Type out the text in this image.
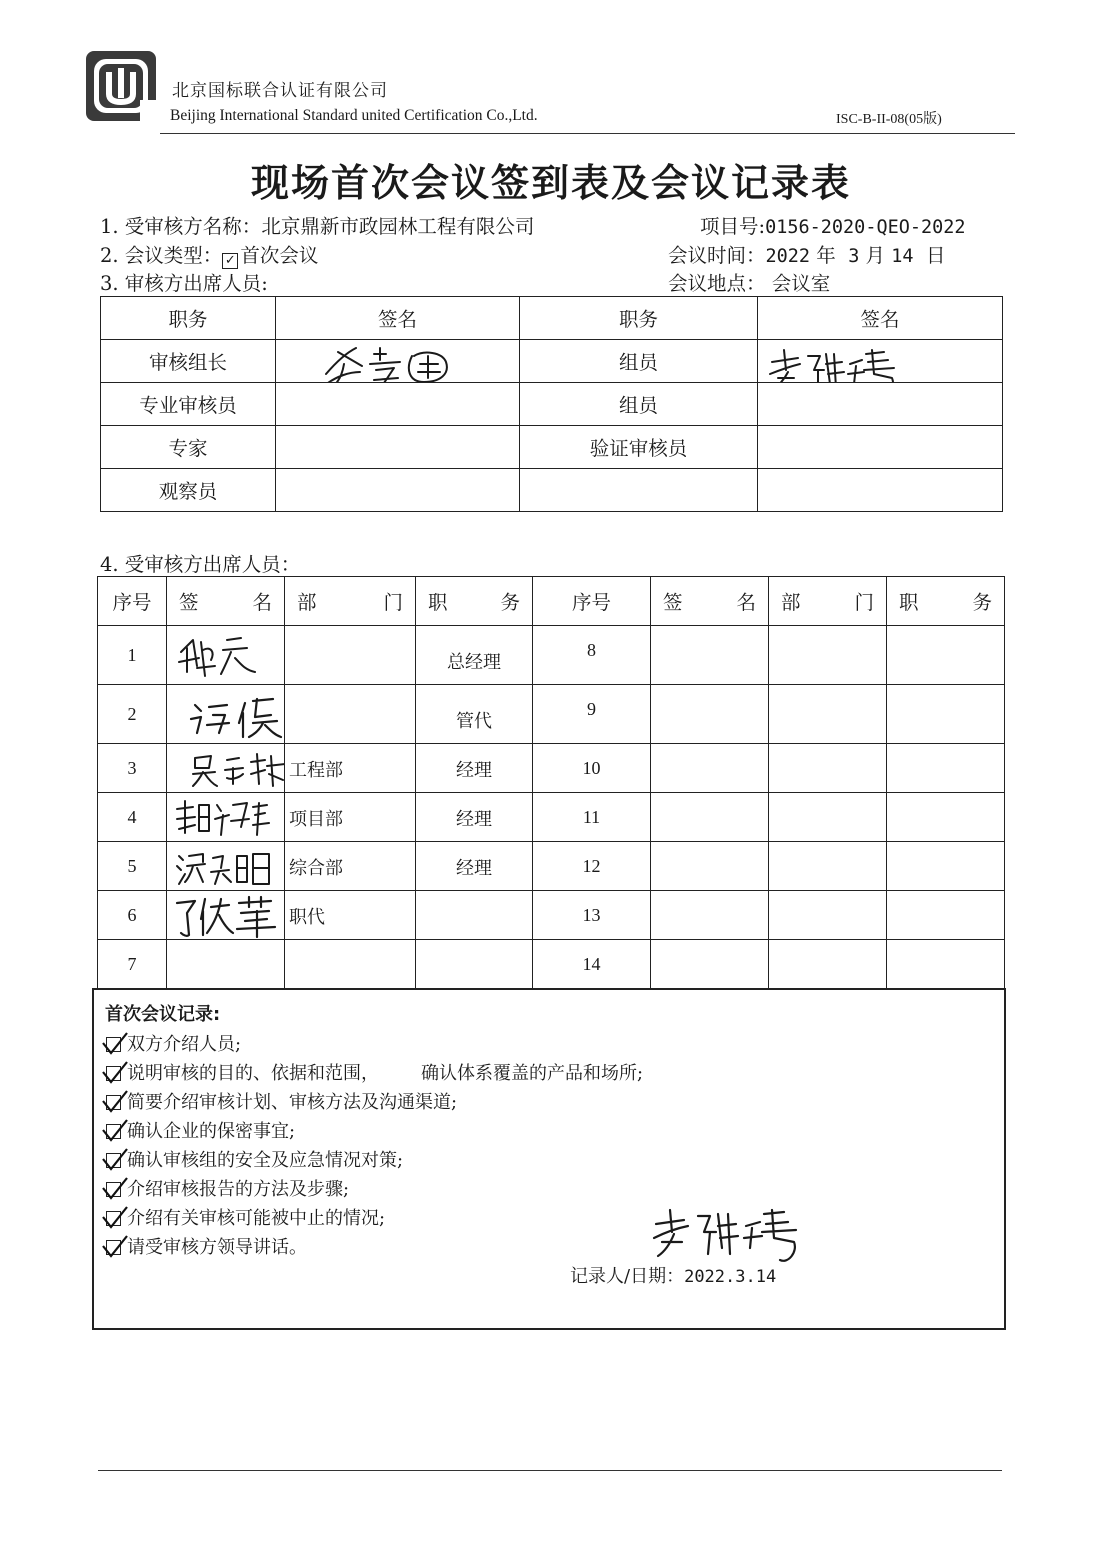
北京国标联合认证有限公司
Beijing International Standard united Certification Co.,Ltd.	ISC-B-II-08(05版)
现场首次会议签到表及会议记录表
1. 受审核方名称：北京鼎新市政园林工程有限公司	项目号:0156-2020-QEO-2022
2. 会议类型： ✓ 首次会议	会议时间：2022 年 3 月 14 日
3. 审核方出席人员:	会议地点： 会议室
职务	签名	职务	签名
审核组长		组员	

专业审核员		组员	
专家		验证审核员	
观察员			
4. 受审核方出席人员：
序号	签 名	部 门	职 务	序号	签 名	部 门	职 务

1			总经理	8			
2			管代	9			
3		工程部	经理	10			
4		项目部	经理	11			
5		综合部	经理	12			
6		职代		13			
7				14			
首次会议记录:
双方介绍人员;
说明审核的目的、依据和范围， 确认体系覆盖的产品和场所;
简要介绍审核计划、审核方法及沟通渠道;
确认企业的保密事宜;
确认审核组的安全及应急情况对策;
介绍审核报告的方法及步骤;
介绍有关审核可能被中止的情况;
请受审核方领导讲话。
记录人/日期：2022.3.14
